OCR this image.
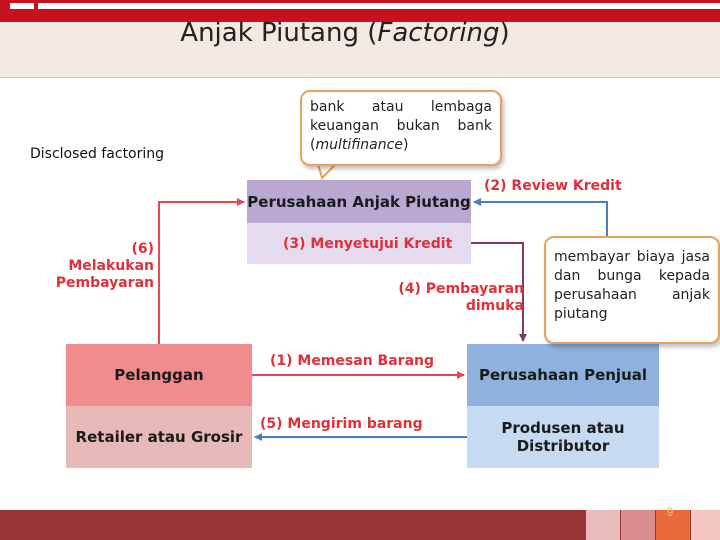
Anjak Piutang (Factoring)
Disclosed factoring
Perusahaan Anjak Piutang
Pelanggan
Retailer atau Grosir
Perusahaan Penjual
Produsen atau Distributor
(2) Review Kredit
(3) Menyetujui Kredit
(6) Melakukan
Pembayaran	(4) Pembayaran
dimuka
(1) Memesan Barang
(5) Mengirim barang
bank atau lembaga keuangan bukan bank (multifinance)
membayar biaya jasa dan bunga kepada perusahaan anjak piutang
9
